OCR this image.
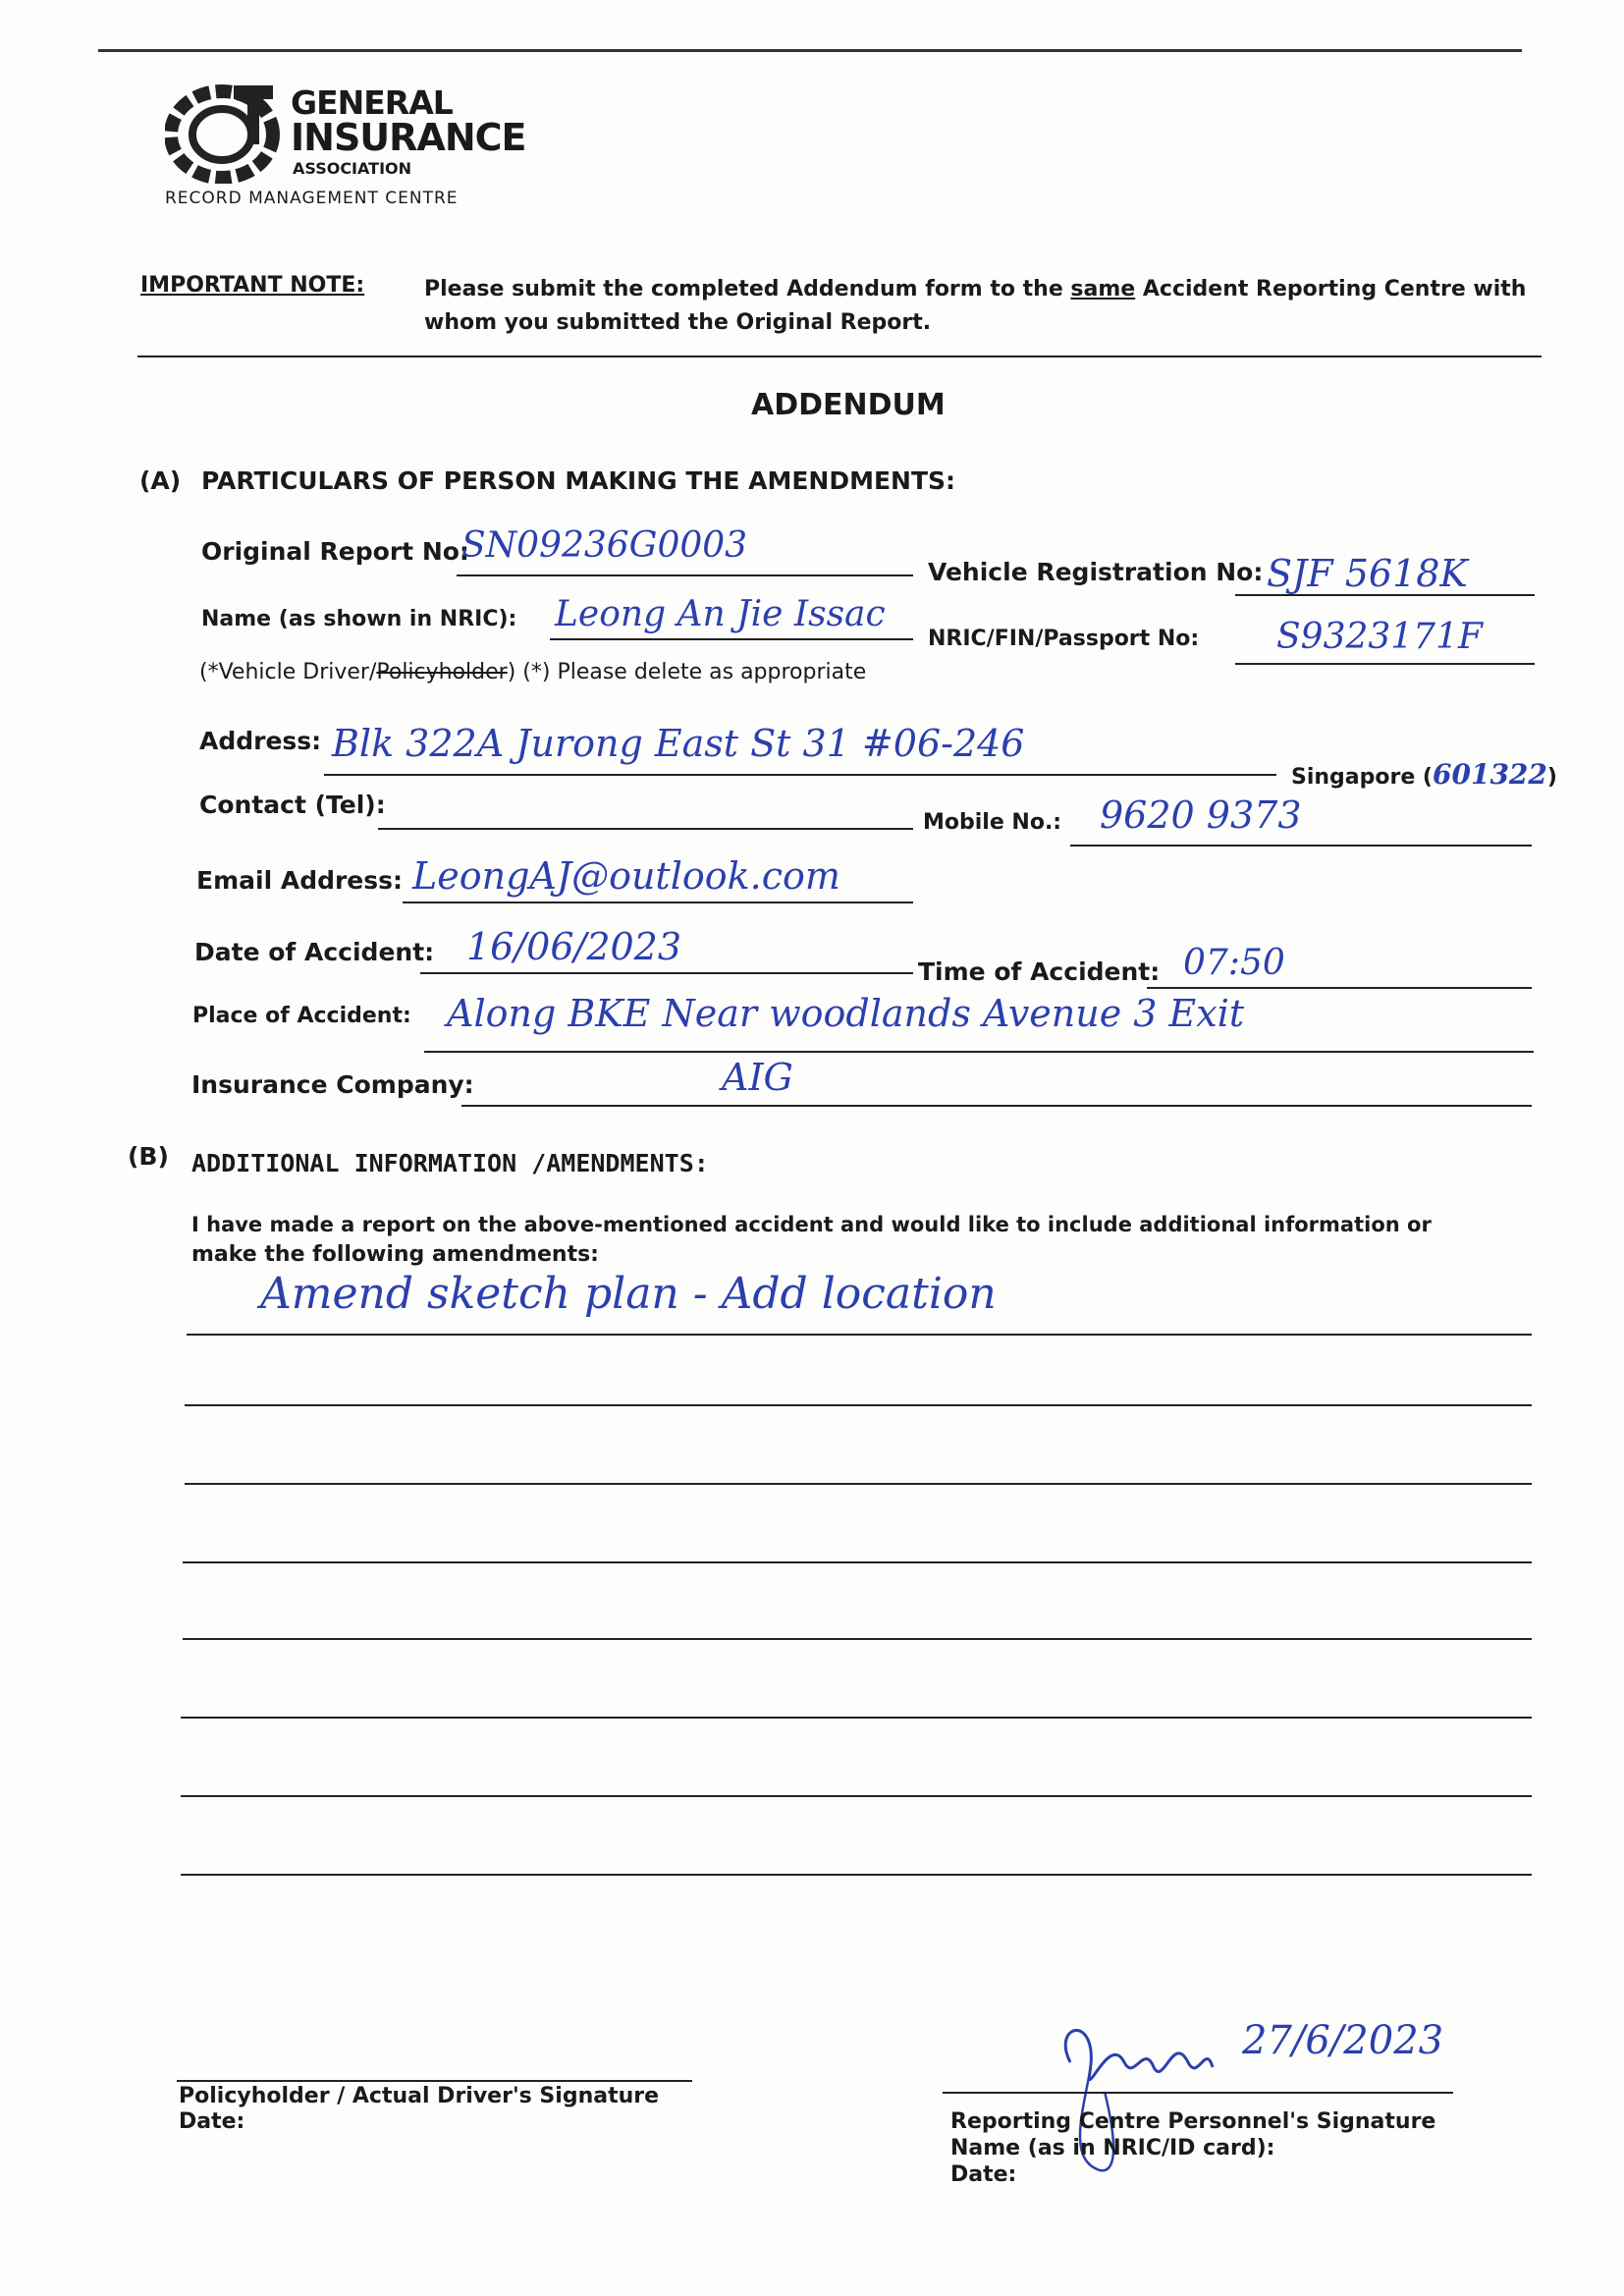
GENERAL
INSURANCE
ASSOCIATION
RECORD MANAGEMENT CENTRE
IMPORTANT NOTE:	Please submit the completed Addendum form to the same Accident Reporting Centre with
whom you submitted the Original Report.
ADDENDUM
(A) PARTICULARS OF PERSON MAKING THE AMENDMENTS:
Original Report No:
SN09236G0003
Vehicle Registration No: SJF 5618K
Name (as shown in NRIC): Leong An Jie Issac
NRIC/FIN/Passport No: S9323171F
(*Vehicle Driver/Policyholder) (*) Please delete as appropriate
Address: Blk 322A Jurong East St 31 #06-246
Singapore (601322)
Contact (Tel):
Mobile No.: 9620 9373
Email Address: LeongAJ@outlook.com
Date of Accident: 16/06/2023
Time of Accident: 07:50
Place of Accident: Along BKE Near woodlands Avenue 3 Exit
Insurance Company:	AIG
(B) ADDITIONAL INFORMATION /AMENDMENTS:
I have made a report on the above-mentioned accident and would like to include additional information or
make the following amendments:
Amend sketch plan - Add location
Policyholder / Actual Driver's Signature
Date:
27/6/2023
Reporting Centre Personnel's Signature
Name (as in NRIC/ID card):
Date:
